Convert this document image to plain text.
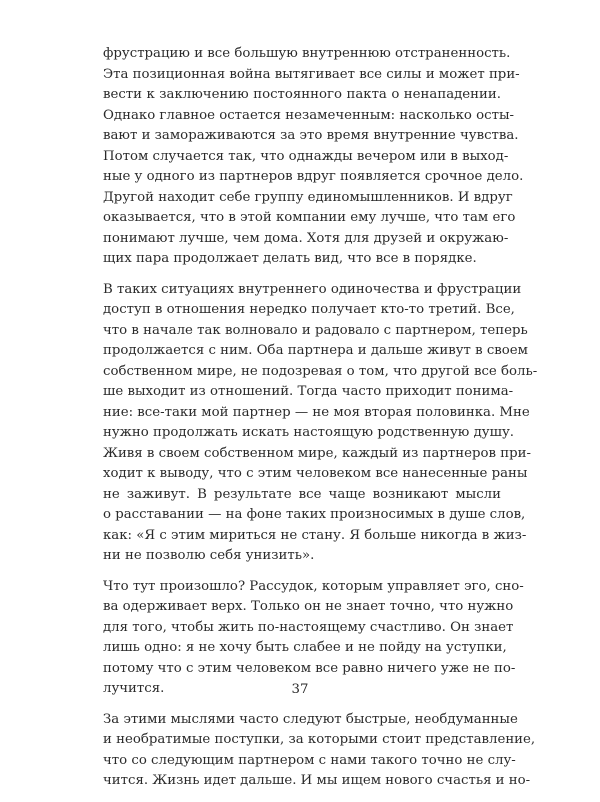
фрустрацию и все большую внутреннюю отстраненность.
Эта позиционная война вытягивает все силы и может при-
вести к заключению постоянного пакта о ненападении.
Однако главное остается незамеченным: насколько осты-
вают и замораживаются за это время внутренние чувства.
Потом случается так, что однажды вечером или в выход-
ные у одного из партнеров вдруг появляется срочное дело.
Другой находит себе группу единомышленников. И вдруг
оказывается, что в этой компании ему лучше, что там его
понимают лучше, чем дома. Хотя для друзей и окружаю-
щих пара продолжает делать вид, что все в порядке.

В таких ситуациях внутреннего одиночества и фрустрации
доступ в отношения нередко получает кто-то третий. Все,
что в начале так волновало и радовало с партнером, теперь
продолжается с ним. Оба партнера и дальше живут в своем
собственном мире, не подозревая о том, что другой все боль-
ше выходит из отношений. Тогда часто приходит понима-
ние: все-таки мой партнер — не моя вторая половинка. Мне
нужно продолжать искать настоящую родственную душу.
Живя в своем собственном мире, каждый из партнеров при-
ходит к выводу, что с этим человеком все нанесенные раны
не заживут. В результате все чаще возникают мысли
о расставании — на фоне таких произносимых в душе слов,
как: «Я с этим мириться не стану. Я больше никогда в жиз-
ни не позволю себя унизить».

Что тут произошло? Рассудок, которым управляет эго, сно-
ва одерживает верх. Только он не знает точно, что нужно
для того, чтобы жить по-настоящему счастливо. Он знает
лишь одно: я не хочу быть слабее и не пойду на уступки,
потому что с этим человеком все равно ничего уже не по-
лучится.

За этими мыслями часто следуют быстрые, необдуманные
и необратимые поступки, за которыми стоит представление,
что со следующим партнером с нами такого точно не слу-
чится. Жизнь идет дальше. И мы ищем нового счастья и но-

37
